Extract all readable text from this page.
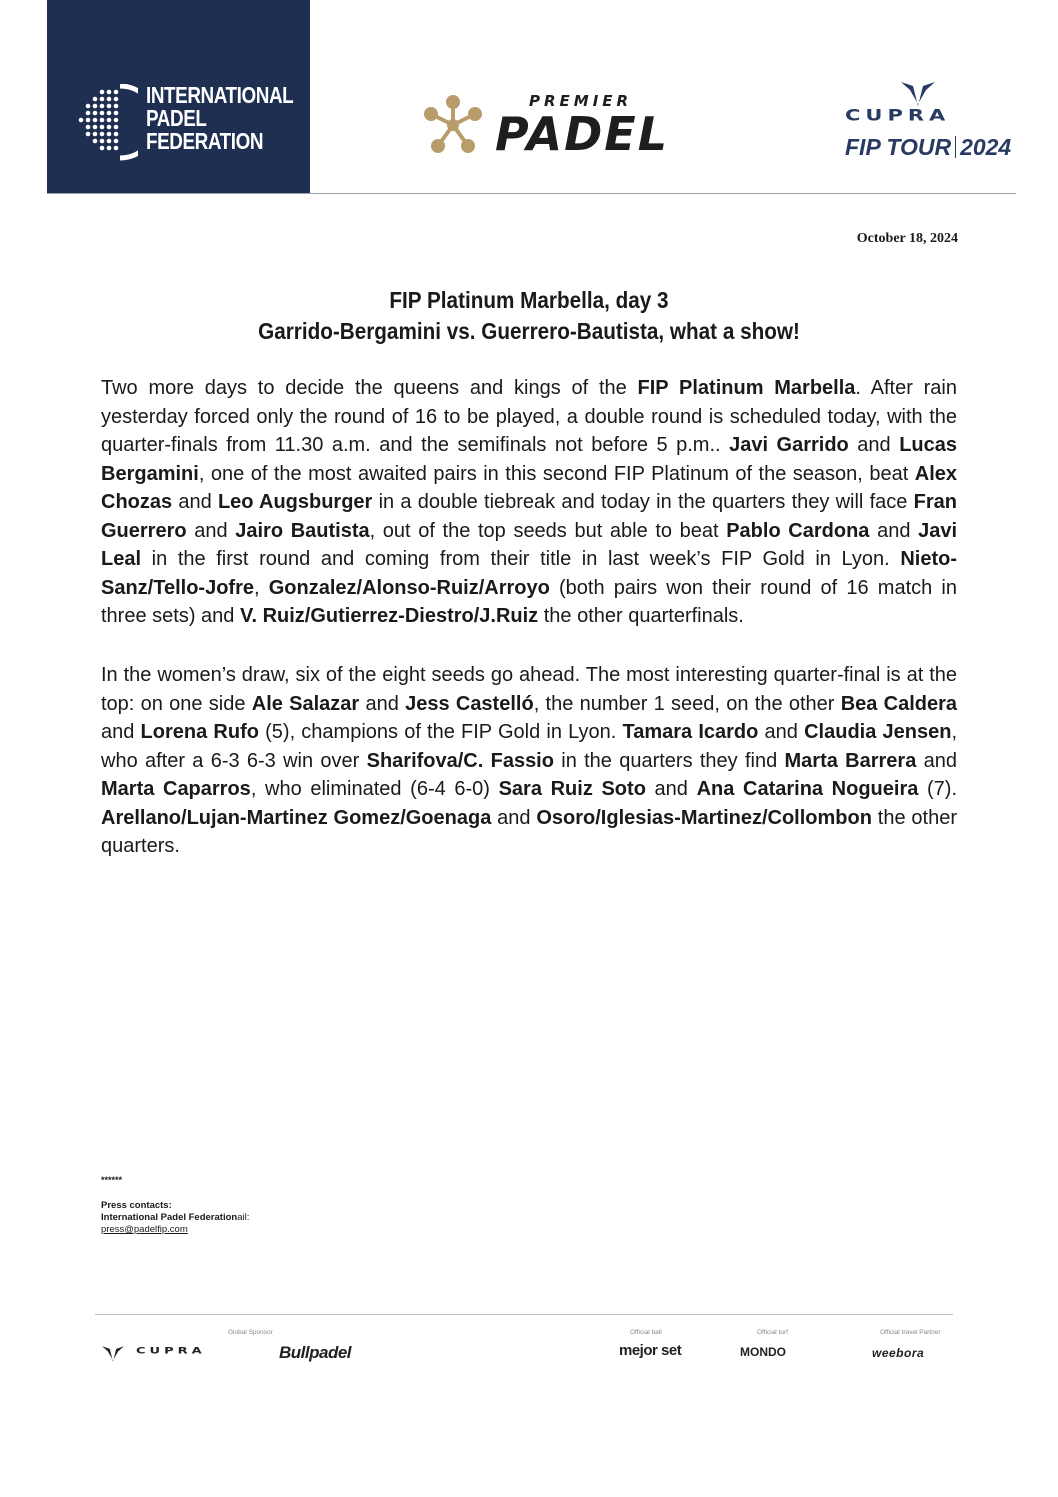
INTERNATIONAL
PADEL
FEDERATION
PREMIER
PADEL	CUPRA
FIP TOUR 2024
October 18, 2024
FIP Platinum Marbella, day 3
Garrido-Bergamini vs. Guerrero-Bautista, what a show!
Two more days to decide the queens and kings of the FIP Platinum Marbella. After rain yesterday forced only the round of 16 to be played, a double round is scheduled today, with the quarter-finals from 11.30 a.m. and the semifinals not before 5 p.m.. Javi Garrido and Lucas Bergamini, one of the most awaited pairs in this second FIP Platinum of the season, beat Alex Chozas and Leo Augsburger in a double tiebreak and today in the quarters they will face Fran Guerrero and Jairo Bautista, out of the top seeds but able to beat Pablo Cardona and Javi Leal in the first round and coming from their title in last week’s FIP Gold in Lyon. Nieto-Sanz/Tello-Jofre, Gonzalez/Alonso-Ruiz/Arroyo (both pairs won their round of 16 match in three sets) and V. Ruiz/Gutierrez-Diestro/J.Ruiz the other quarterfinals.
In the women’s draw, six of the eight seeds go ahead. The most interesting quarter-final is at the top: on one side Ale Salazar and Jess Castelló, the number 1 seed, on the other Bea Caldera and Lorena Rufo (5), champions of the FIP Gold in Lyon. Tamara Icardo and Claudia Jensen, who after a 6-3 6-3 win over Sharifova/C. Fassio in the quarters they find Marta Barrera and Marta Caparros, who eliminated (6-4 6-0) Sara Ruiz Soto and Ana Catarina Nogueira (7). Arellano/Lujan-Martinez Gomez/Goenaga and Osoro/Iglesias-Martinez/Collombon the other quarters.
******
Press contacts:
International Padel Federationail:
press@padelfip.com
Global Sponsor	Official ball	Official turf	Official travel Partner
CUPRA	Bullpadel	mejor set	MONDO	weebora
